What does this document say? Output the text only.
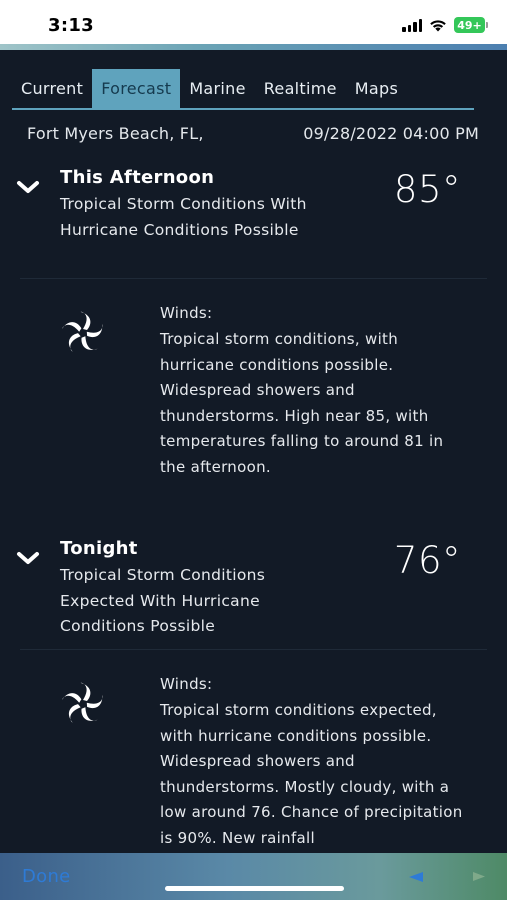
3:13	49+
Current	Forecast	Marine	Realtime	Maps
Fort Myers Beach, FL,	09/28/2022 04:00 PM
This Afternoon
Tropical Storm Conditions With Hurricane Conditions Possible
85°
Winds:
Tropical storm conditions, with hurricane conditions possible. Widespread showers and thunderstorms. High near 85, with temperatures falling to around 81 in the afternoon.
Tonight
Tropical Storm Conditions Expected With Hurricane Conditions Possible
76°
Winds:
Tropical storm conditions expected, with hurricane conditions possible. Widespread showers and thunderstorms. Mostly cloudy, with a low around 76. Chance of precipitation is 90%. New rainfall
Done
